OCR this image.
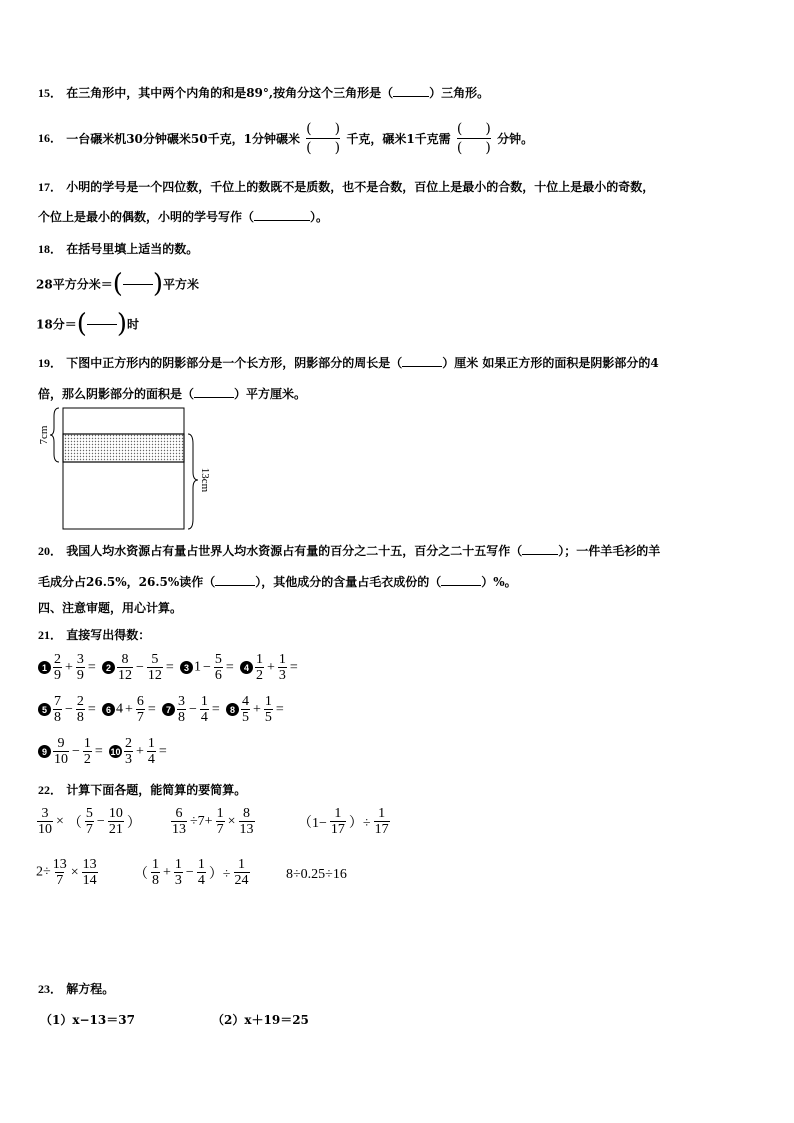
15． 在三角形中，其中两个内角的和是89°,按角分这个三角形是（	）三角形。
16． 一台碾米机30分钟碾米50千克，1分钟碾米
( )
( )
千克，碾米1千克需
( )
( )
分钟。
17． 小明的学号是一个四位数，千位上的数既不是质数，也不是合数，百位上是最小的合数，十位上是最小的奇数，
个位上是最小的偶数，小明的学号写作（	）。
18． 在括号里填上适当的数。
28平方分米＝( )平方米
18分＝( )时
19． 下图中正方形内的阴影部分是一个长方形，阴影部分的周长是（	）厘米 如果正方形的面积是阴影部分的4
倍，那么阴影部分的面积是（	）平方厘米。
7cm
13cm
20． 我国人均水资源占有量占世界人均水资源占有量的百分之二十五，百分之二十五写作（	）；一件羊毛衫的羊
毛成分占26.5%，26.5%读作（	），其他成分的含量占毛衣成份的（	）%。
四、注意审题，用心计算。
21． 直接写出得数：
$1 \frac{2}{9} + \frac{3}{9} = 2 \frac{8}{12} - \frac{5}{12} = 3$ $1 - \frac{5}{6} = 4 \frac{1}{2} + \frac{1}{3}$ =
$5 \frac{7}{8} - \frac{2}{8} = 6$ $4 + \frac{6}{7} = 7 \frac{3}{8} - \frac{1}{4} = 8 \frac{4}{5} + \frac{1}{5}$ =
$9 \frac{9}{10} - \frac{1}{2} = 10 \frac{2}{3} + \frac{1}{4}$ =
22． 计算下面各题，能简算的要简算。
$\frac{3}{10}$ × （ $\frac{5}{7} - \frac{10}{21}$ ） $\frac{6}{13} \div 7+ \frac{1}{7} \times \frac{8}{13}$	（$1- \frac{1}{17}$ ）÷ $\frac{1}{17}$
$2\div \frac{13}{7} \times \frac{13}{14}$	（ $\frac{1}{8} + \frac{1}{3} - \frac{1}{4}$ ）÷ $\frac{1}{24}$	8÷0.25÷16
23． 解方程。
（1）x−13＝37	（2）x＋19＝25
